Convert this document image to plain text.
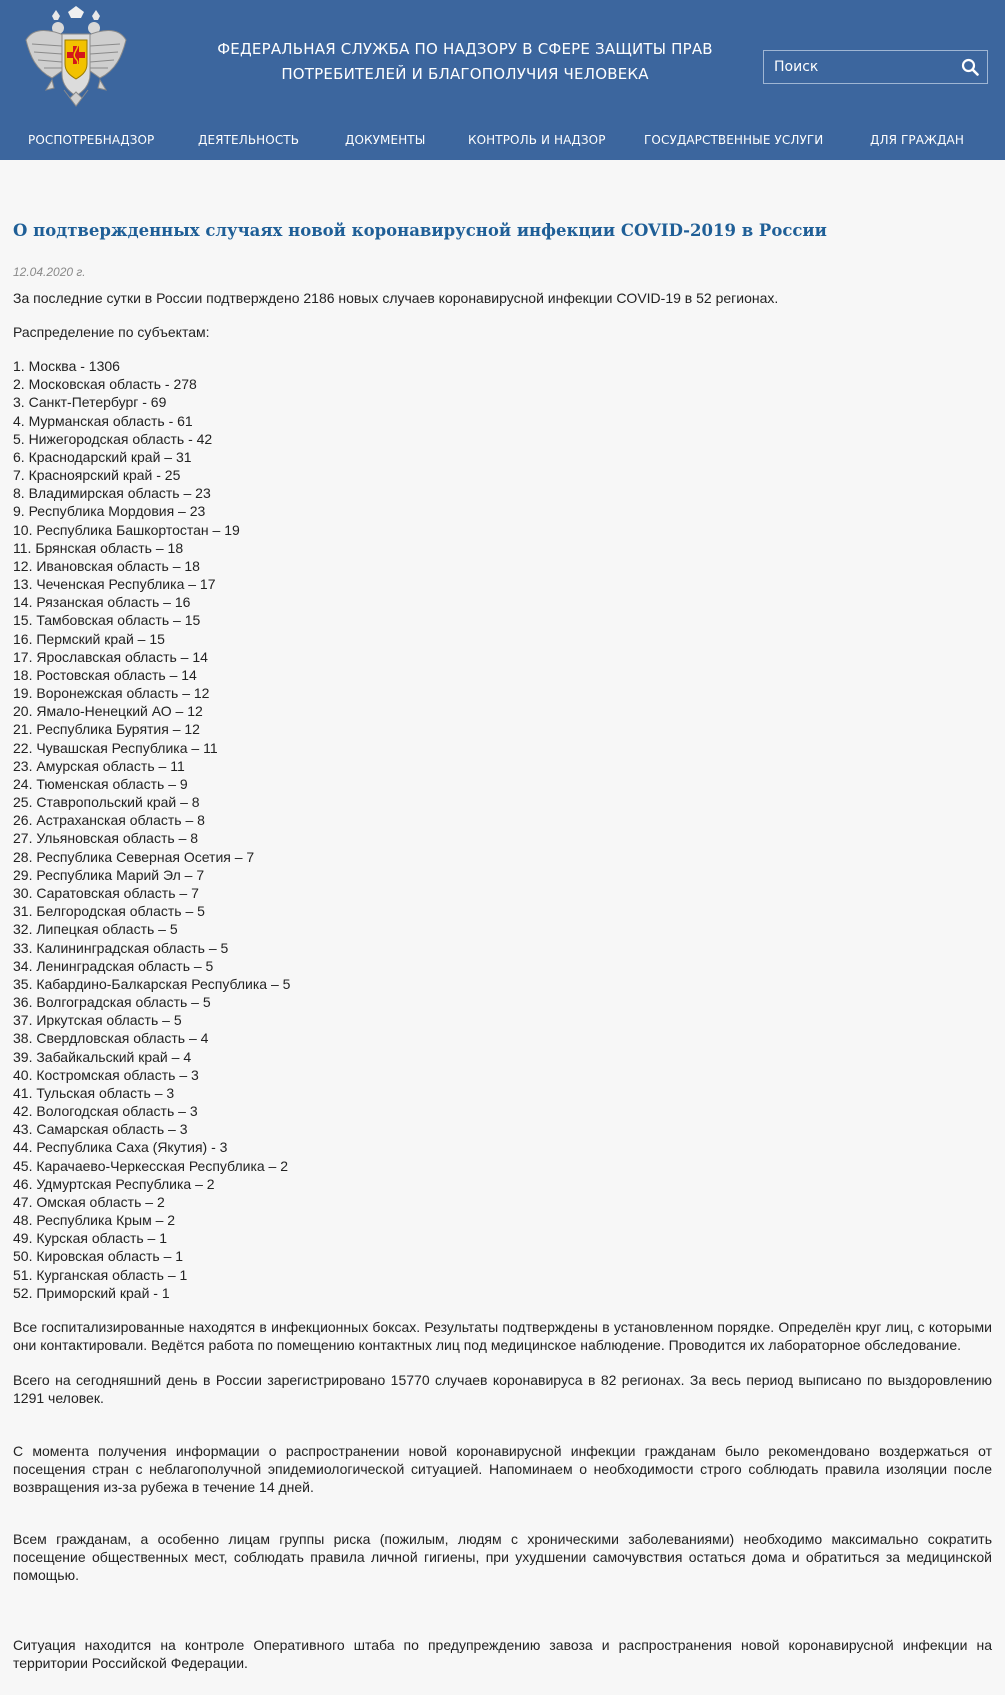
ФЕДЕРАЛЬНАЯ СЛУЖБА ПО НАДЗОРУ В СФЕРЕ ЗАЩИТЫ ПРАВ
ПОТРЕБИТЕЛЕЙ И БЛАГОПОЛУЧИЯ ЧЕЛОВЕКА
Поиск
РОСПОТРЕБНАДЗОР	ДЕЯТЕЛЬНОСТЬ	ДОКУМЕНТЫ	КОНТРОЛЬ И НАДЗОР	ГОСУДАРСТВЕННЫЕ УСЛУГИ	ДЛЯ ГРАЖДАН
О подтвержденных случаях новой коронавирусной инфекции COVID-2019 в России
12.04.2020 г.

За последние сутки в России подтверждено 2186 новых случаев коронавирусной инфекции COVID-19 в 52 регионах.

Распределение по субъектам:

1. Москва - 1306
2. Московская область - 278
3. Санкт-Петербург - 69
4. Мурманская область - 61
5. Нижегородская область - 42
6. Краснодарский край – 31
7. Красноярский край - 25
8. Владимирская область – 23
9. Республика Мордовия – 23
10. Республика Башкортостан – 19
11. Брянская область – 18
12. Ивановская область – 18
13. Чеченская Республика – 17
14. Рязанская область – 16
15. Тамбовская область – 15
16. Пермский край – 15
17. Ярославская область – 14
18. Ростовская область – 14
19. Воронежская область – 12
20. Ямало-Ненецкий АО – 12
21. Республика Бурятия – 12
22. Чувашская Республика – 11
23. Амурская область – 11
24. Тюменская область – 9
25. Ставропольский край – 8
26. Астраханская область – 8
27. Ульяновская область – 8
28. Республика Северная Осетия – 7
29. Республика Марий Эл – 7
30. Саратовская область – 7
31. Белгородская область – 5
32. Липецкая область – 5
33. Калининградская область – 5
34. Ленинградская область – 5
35. Кабардино-Балкарская Республика – 5
36. Волгоградская область – 5
37. Иркутская область – 5
38. Свердловская область – 4
39. Забайкальский край – 4
40. Костромская область – 3
41. Тульская область – 3
42. Вологодская область – 3
43. Самарская область – 3
44. Республика Саха (Якутия) - 3
45. Карачаево-Черкесская Республика – 2
46. Удмуртская Республика – 2
47. Омская область – 2
48. Республика Крым – 2
49. Курская область – 1
50. Кировская область – 1
51. Курганская область – 1
52. Приморский край - 1

Все госпитализированные находятся в инфекционных боксах. Результаты подтверждены в установленном порядке. Определён круг лиц, с которыми они контактировали. Ведётся работа по помещению контактных лиц под медицинское наблюдение. Проводится их лабораторное обследование.

Всего на сегодняшний день в России зарегистрировано 15770 случаев коронавируса в 82 регионах. За весь период выписано по выздоровлению 1291 человек.

С момента получения информации о распространении новой коронавирусной инфекции гражданам было рекомендовано воздержаться от посещения стран с неблагополучной эпидемиологической ситуацией. Напоминаем о необходимости строго соблюдать правила изоляции после возвращения из-за рубежа в течение 14 дней.

Всем гражданам, а особенно лицам группы риска (пожилым, людям с хроническими заболеваниями) необходимо максимально сократить посещение общественных мест, соблюдать правила личной гигиены, при ухудшении самочувствия остаться дома и обратиться за медицинской помощью.

Ситуация находится на контроле Оперативного штаба по предупреждению завоза и распространения новой коронавирусной инфекции на территории Российской Федерации.
